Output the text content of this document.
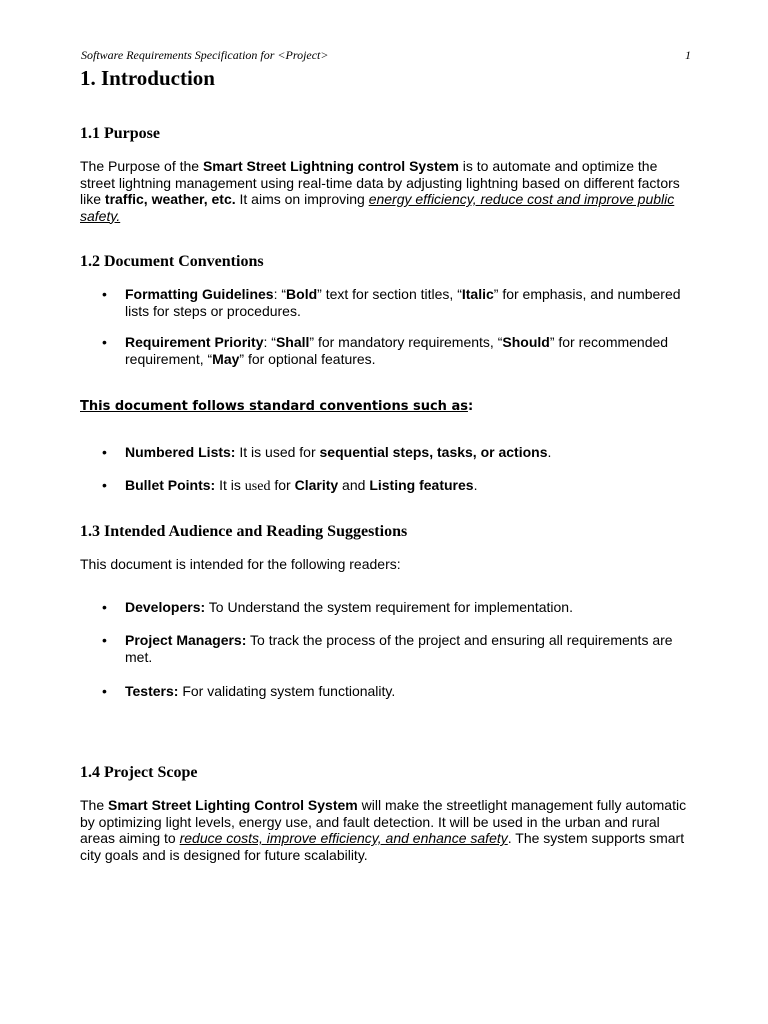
Software Requirements Specification for <Project>	1
1. Introduction
1.1 Purpose

The Purpose of the Smart Street Lightning control System is to automate and optimize the street lightning management using real-time data by adjusting lightning based on different factors like traffic, weather, etc. It aims on improving energy efficiency, reduce cost and improve public safety.

1.2 Document Conventions
• Formatting Guidelines: “Bold” text for section titles, “Italic” for emphasis, and numbered lists for steps or procedures.
• Requirement Priority: “Shall” for mandatory requirements, “Should” for recommended requirement, “May” for optional features.

This document follows standard conventions such as:

• Numbered Lists: It is used for sequential steps, tasks, or actions.
• Bullet Points: It is used for Clarity and Listing features.
1.3 Intended Audience and Reading Suggestions

This document is intended for the following readers:

• Developers: To Understand the system requirement for implementation.
• Project Managers: To track the process of the project and ensuring all requirements are met.
• Testers: For validating system functionality.
1.4 Project Scope

The Smart Street Lighting Control System will make the streetlight management fully automatic by optimizing light levels, energy use, and fault detection. It will be used in the urban and rural areas aiming to reduce costs, improve efficiency, and enhance safety. The system supports smart city goals and is designed for future scalability.
